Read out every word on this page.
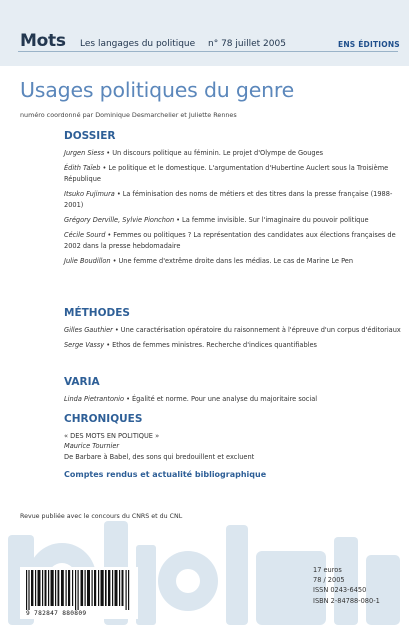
Mots Les langages du politique n° 78 juillet 2005	ENS ÉDITIONS
Usages politiques du genre
numéro coordonné par Dominique Desmarchelier et Juliette Rennes
DOSSIER
Jurgen Siess • Un discours politique au féminin. Le projet d'Olympe de Gouges
Édith Taïeb • Le politique et le domestique. L'argumentation d'Hubertine Auclert sous la Troisième République
Itsuko Fujimura • La féminisation des noms de métiers et des titres dans la presse française (1988-2001)
Grégory Derville, Sylvie Pionchon • La femme invisible. Sur l'imaginaire du pouvoir politique
Cécile Sourd • Femmes ou politiques ? La représentation des candidates aux élections françaises de 2002 dans la presse hebdomadaire
Julie Boudillon • Une femme d'extrême droite dans les médias. Le cas de Marine Le Pen
MÉTHODES
Gilles Gauthier • Une caractérisation opératoire du raisonnement à l'épreuve d'un corpus d'éditoriaux
Serge Vassy • Ethos de femmes ministres. Recherche d'indices quantifiables
VARIA
Linda Pietrantonio • Égalité et norme. Pour une analyse du majoritaire social
CHRONIQUES
« DES MOTS EN POLITIQUE »
Maurice Tournier
De Barbare à Babel, des sons qui bredouillent et excluent
Comptes rendus et actualité bibliographique
Revue publiée avec le concours du CNRS et du CNL
9 782847 880809
17 euros
78 / 2005
ISSN 0243-6450
ISBN 2-84788-080-1
